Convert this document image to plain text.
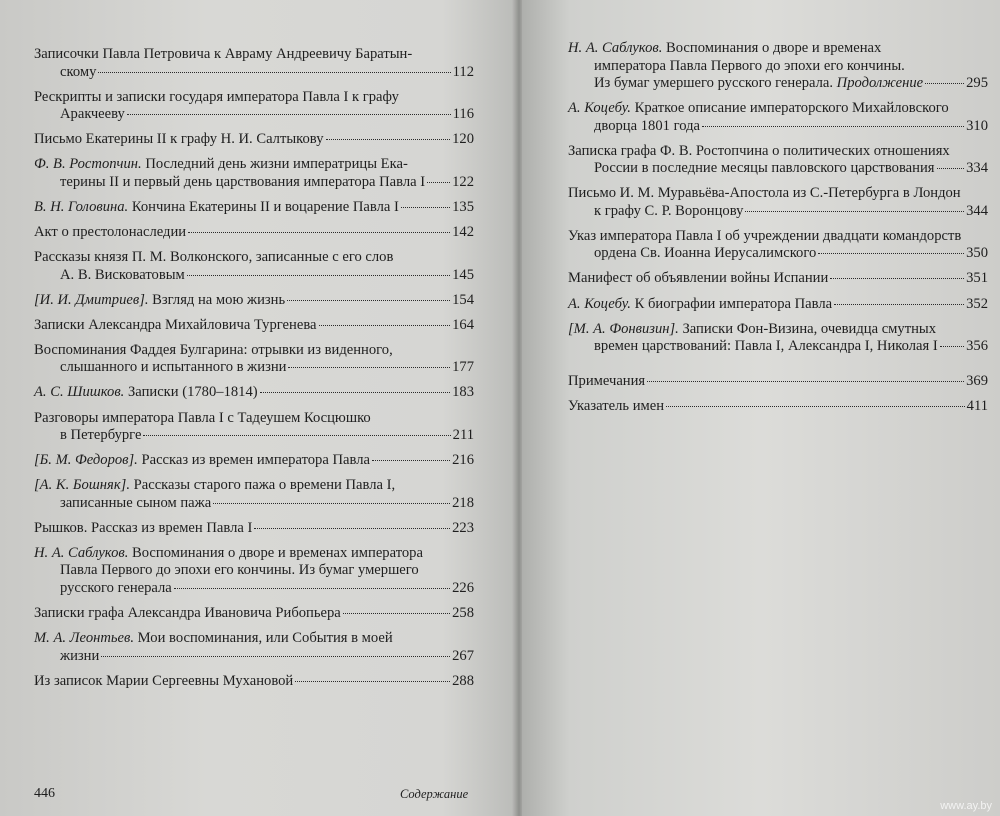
Записочки Павла Петровича к Авраму Андреевичу Баратын-
скому	112
Рескрипты и записки государя императора Павла I к графу
Аракчееву	116
Письмо Екатерины II к графу Н. И. Салтыкову	120
Ф. В. Ростопчин. Последний день жизни императрицы Ека-
терины II и первый день царствования императора Павла I 122
В. Н. Головина. Кончина Екатерины II и воцарение Павла I	135
Акт о престолонаследии	142
Рассказы князя П. М. Волконского, записанные с его слов
А. В. Висковатовым	145
[И. И. Дмитриев]. Взгляд на мою жизнь	154
Записки Александра Михайловича Тургенева	164
Воспоминания Фаддея Булгарина: отрывки из виденного,
слышанного и испытанного в жизни	177
А. С. Шишков. Записки (1780–1814)	183
Разговоры императора Павла I с Тадеушем Косцюшко
в Петербурге	211
[Б. М. Федоров]. Рассказ из времен императора Павла	216
[А. К. Бошняк]. Рассказы старого пажа о времени Павла I,
записанные сыном пажа	218
Рышков. Рассказ из времен Павла I	223
Н. А. Саблуков. Воспоминания о дворе и временах императора
Павла Первого до эпохи его кончины. Из бумаг умершего
русского генерала	226
Записки графа Александра Ивановича Рибопьера	258
М. А. Леонтьев. Мои воспоминания, или События в моей
жизни	267
Из записок Марии Сергеевны Мухановой	288
446	Содержание
Н. А. Саблуков. Воспоминания о дворе и временах
императора Павла Первого до эпохи его кончины.
Из бумаг умершего русского генерала. Продолжение	295
А. Коцебу. Краткое описание императорского Михайловского
дворца 1801 года	310
Записка графа Ф. В. Ростопчина о политических отношениях
России в последние месяцы павловского царствования 334
Письмо И. М. Муравьёва-Апостола из С.-Петербурга в Лондон
к графу С. Р. Воронцову	344
Указ императора Павла I об учреждении двадцати командорств
ордена Св. Иоанна Иерусалимского	350
Манифест об объявлении войны Испании	351
А. Коцебу. К биографии императора Павла	352
[М. А. Фонвизин]. Записки Фон-Визина, очевидца смутных
времен царствований: Павла I, Александра I, Николая I 356
Примечания	369
Указатель имен	411
www.ay.by
